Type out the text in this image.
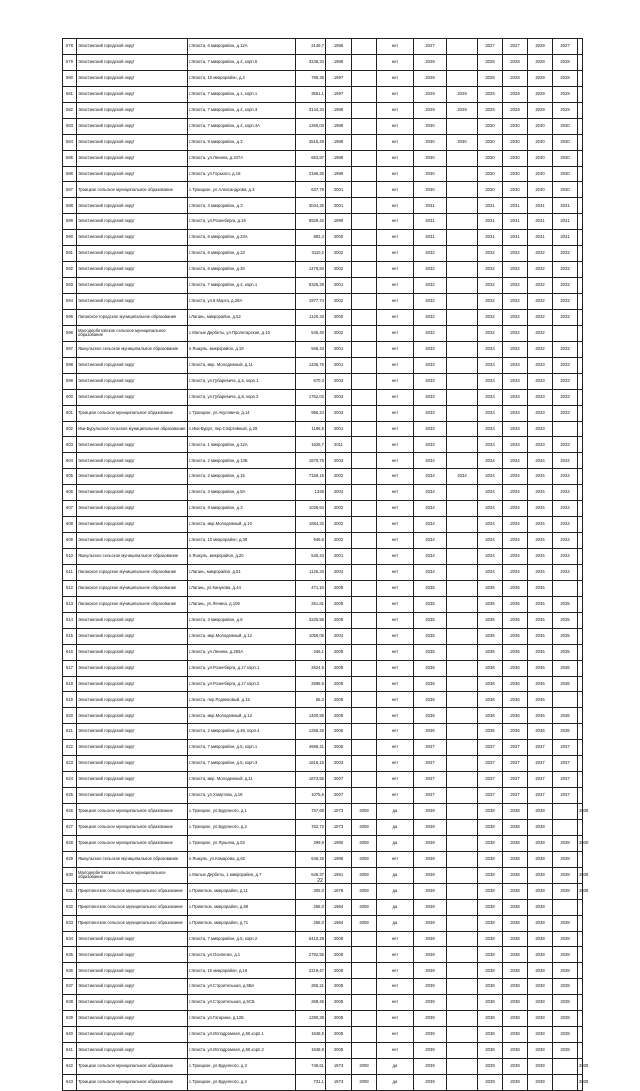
578	Элистинский городской округ	г.Элиста, 6 микрорайон, д.12А	2149,7	1995		нет	2027		2027	2027	2029	2027	
579	Элистинский городской округ	г.Элиста, 7 микрорайон, д.4, корп.5	3245,34	1996		нет	2028		2028	2028	2028	2028	
580	Элистинский городской округ	г.Элиста, 10 микрорайон, д.2	798,36	1997		нет	2028		2028	2028	2029	2028	
581	Элистинский городской округ	г.Элиста, 7 микрорайон, д.1, корп.1	3651,1	1997		нет	2029	2029	2029	2029	2029	2029	
582	Элистинский городской округ	г.Элиста, 7 микрорайон, д.4, корп.3	3144,34	1996		нет	2029	2029	2029	2029	2029	2029	
583	Элистинский городской округ	г.Элиста, 7 микрорайон, д.4, корп.4А	1255,03	1998		нет	2030		2030	2030	2030	2030	
584	Элистинский городской округ	г.Элиста, 9 микрорайон, д.2	3515,49	1998		нет	2030	2030	2030	2030	2030	2030	
585	Элистинский городской округ	г.Элиста, ул.Ленина, д.347А	653,87	1998		нет	2030		2030	2030	2030	2030	
586	Элистинский городской округ	г.Элиста, ул.Горького, д.18	2196,26	1999		нет	2030		2030	2030	2030	2030	
587	Троицкое сельское муниципальное образование	с.Троицкое, ул.Александрова, д.3	637,79	2001		нет	2030		2030	2030	2030	2030	
588	Элистинский городской округ	г.Элиста, 3 микрорайон, д.3	3044,25	2001		нет	2031		2031	2031	2031	2031	
589	Элистинский городской округ	г.Элиста, ул.Розенберга, д.19	6529,42	1999		нет	2031		2031	2031	2031	2031	
590	Элистинский городской округ	г.Элиста, 6 микрорайон, д.23А	892,4	2000		нет	2031		2031	2031	2031	2031	
591	Элистинский городской округ	г.Элиста, 6 микрорайон, д.22	3110,2	2002		нет	2032		2032	2032	2032	2032	
592	Элистинский городской округ	г.Элиста, 6 микрорайон, д.20	1476,84	2002		нет	2032		2032	2032	2032	2032	
593	Элистинский городской округ	г.Элиста, 7 микрорайон, д.4, корп.1	6325,28	2001		нет	2032		2032	2032	2032	2032	
594	Элистинский городской округ	г.Элиста, ул.8 Марта, д.28А	1977,74	2002		нет	2032		2032	2032	2032	2032	
595	Лаганское городское муниципальное образование	г.Лагань, микрорайон, д.52	1120,33	2000		нет	2032		2032	2032	2032	2032	
596	Малодербетовское сельское муниципальное образование	с.Малые Дербеты, ул.Пролетарская, д.10	545,40	2002		нет	2032		2032	2032	2032		
597	Яшкульское сельское муниципальное образование	п.Яшкуль, микрорайон, д.19	946,43	2001		нет	2033		2033	2032	2032	2032	
598	Элистинский городской округ	г.Элиста, мкр. Молодежный, д.11	1435,76	2001		нет	2033		2033	2033	2033	2033	
599	Элистинский городской округ	г.Элиста, ул.Губаревича, д.5, корп.1	570,3	2003		нет	2033		2033	2033	2033	2033	
600	Элистинский городской округ	г.Элиста, ул.Губаревича, д.8, корп.2	1752,02	2003		нет	2033		2033	2033	2033	2033	
601	Троицкое сельское муниципальное образование	с.Троицкое, ул.Акуловича, д.14	996,24	2003		нет	2033		2033	2033	2033	2033	
602	Ики-Бурульское сельское муниципальное образование	с.Ики-Бурул, пер.Спортивный, д.29	1196,5	2001		нет	2033		2033	2033	2033		
603	Элистинский городской округ	г.Элиста, 1 микрорайон, д.12А	1626,7	2011		нет	2033		2033	2033	2033	2033	
604	Элистинский городской округ	г.Элиста, 2 микрорайон, д.13Б	1670,75	2003		нет	2034		2034	2034	2034	2034	
605	Элистинский городской округ	г.Элиста, 2 микрорайон, д.15	7158,15	2002		нет	2034	2034	2034	2034	2034	2034	
606	Элистинский городской округ	г.Элиста, 3 микрорайон, д.8А	1348	2004		нет	2034		2034	2034	2034	2034	
607	Элистинский городской округ	г.Элиста, 9 микрорайон, д.3	1028,64	2002		нет	2034		2034	2034	2034	2034	
608	Элистинский городской округ	г.Элиста, мкр.Молодежный, д.10	1684,32	2002		нет	2034		2034	2034	2034	2034	
609	Элистинский городской округ	г.Элиста, 10 микрорайон, д.39	946,6	2002		нет	2034		2034	2034	2034	2034	
610	Яшкульское сельское муниципальное образование	п.Яшкуль, микрорайон, д.20	545,43	2001		нет	2034		2034	2034	2034	2034	
611	Лаганское городское муниципальное образование	г.Лагань, микрорайон, д.51	1125,33	2004		нет	2034		2034	2034	2034	2034	
612	Лаганское городское муниципальное образование	г.Лагань, ул.Канукова, д.44	471,10	2005		нет	2035		2035	2035	2035		
613	Лаганское городское муниципальное образование	г.Лагань, ул.Ленина, д.109	251,81	2005		нет	2035		2035	2035	2035	2035	
614	Элистинский городской округ	г.Элиста, 3 микрорайон, д.6	3225,56	2006		нет	2035		2035	2035	2035	2035	
615	Элистинский городской округ	г.Элиста, мкр.Молодежный, д.12	1058,05	2004		нет	2035		2035	2035	2035	2035	
616	Элистинский городской округ	г.Элиста, ул.Ленина, д.283А	346,1	2005		нет	2035		2035	2035	2035	2035	
617	Элистинский городской округ	г.Элиста, ул.Розенберга, д.17 корп.1	2624,5	2005		нет	2036		2036	2036	2036	2036	
618	Элистинский городской округ	г.Элиста, ул.Розенберга, д.17 корп.2	2596,5	2006		нет	2036		2036	2036	2036	2036	
619	Элистинский городской округ	г.Элиста, пер.Родниковый, д.15	58,3	2006		нет	2036		2036	2036	2036		
620	Элистинский городской округ	г.Элиста, мкр.Молодежный, д.13	1400,95	2006		нет	2036		2036	2036	2036	2036	
621	Элистинский городской округ	г.Элиста, 2 микрорайон, д.49, корп.4	1256,25	2006		нет	2036		2036	2036	2036	2036	
622	Элистинский городской округ	г.Элиста, 7 микрорайон, д.5, корп.1	4686,41	2005		нет	2037		2037	2037	2037	2037	
623	Элистинский городской округ	г.Элиста, 7 микрорайон, д.5, корп.3	1616,16	2003		нет	2037		2037	2037	2037	2037	
624	Элистинский городской округ	г.Элиста, мкр. Молодежный, д.11	1673,55	2007		нет	2037		2037	2037	2037	2037	
625	Элистинский городской округ	г.Элиста, ул.Хомутова, д.18	1075,6	2007		нет	2037		2037	2037	2037	2037	
626	Троицкое сельское муниципальное образование	с.Троицкое, ул.Буденного, д.1	757,69	1973	2008	да	2038		2038	2038	2038		2038
627	Троицкое сельское муниципальное образование	с.Троицкое, ул.Буденного, д.2	762,72	1973	2008	да	2038		2038	2038	2038		
628	Троицкое сельское муниципальное образование	с.Троицкое, ул.Лукьяна, д.53	299,8	1980	2008	да	2038		2038	2038	2038	2038	2040
629	Яшкульское сельское муниципальное образование	п.Яшкуль, ул.Комарова, д.62	546,25	1986	2008	нет	2038		2038	2038	2038	2038	
630	Малодербетовское сельское муниципальное образование	с.Малые Дербеты, 1 микрорайон, д.7	545,37	1981	2008	да	2038		2038	2038	2038	2038	2038
631	Приютненское сельское муниципальное образование	с.Приютное, микрорайон, д.11	305,0	1978	2008	да	2038		2038	2038	2038	2038	2038
632	Приютненское сельское муниципальное образование	с.Приютное, микрорайон, д.59	256,0	1984	2008	да	2038		2038	2038	2038		
633	Приютненское сельское муниципальное образование	с.Приютное, микрорайон, д.71	256,0	1984	2008	да	2038		2038	2038	2038	2038	
634	Элистинский городской округ	г.Элиста, 7 микрорайон, д.5, корп.2	5410,28	2008		нет	2038		2038	2038	2038	2038	
635	Элистинский городской округ	г.Элиста, ул.Осипенко, д.1	2792,55	2008		нет	2038		2038	2038	2038	2038	
636	Элистинский городской округ	г.Элиста, 10 микрорайон, д.18	2219,47	2008		нет	2038		2038	2038	2038	2038	
637	Элистинский городской округ	г.Элиста, ул.Строительная, д.6ВА	255,21	2008		нет	2038		2038	2038	2038	2038	
638	Элистинский городской округ	г.Элиста, ул.Строительная, д.6СБ	268,46	2008		нет	2038		2038	2038	2038	2038	
639	Элистинский городской округ	г.Элиста, ул.Гагарина, д.12Б	1290,39	2008		нет	2038		2038	2038	2038	2038	
640	Элистинский городской округ	г.Элиста, ул.Ипподромная, д.66 корп.1	1548,5	2008		нет	2038		2038	2038	2038	2038	
641	Элистинский городской округ	г.Элиста, ул.Ипподромная, д.66 корп.2	1548,8	2008		нет	2038		2038	2038	2038	2038	
642	Троицкое сельское муниципальное образование	с.Троицкое, ул.Буденного, д.3	748,61	1973	2008	да	2039		2039	2039	2039		2039
643	Троицкое сельское муниципальное образование	с.Троицкое, ул.Буденного, д.4	731,1	1973	2008	да	2039		2039	2039	2039		2039
22
